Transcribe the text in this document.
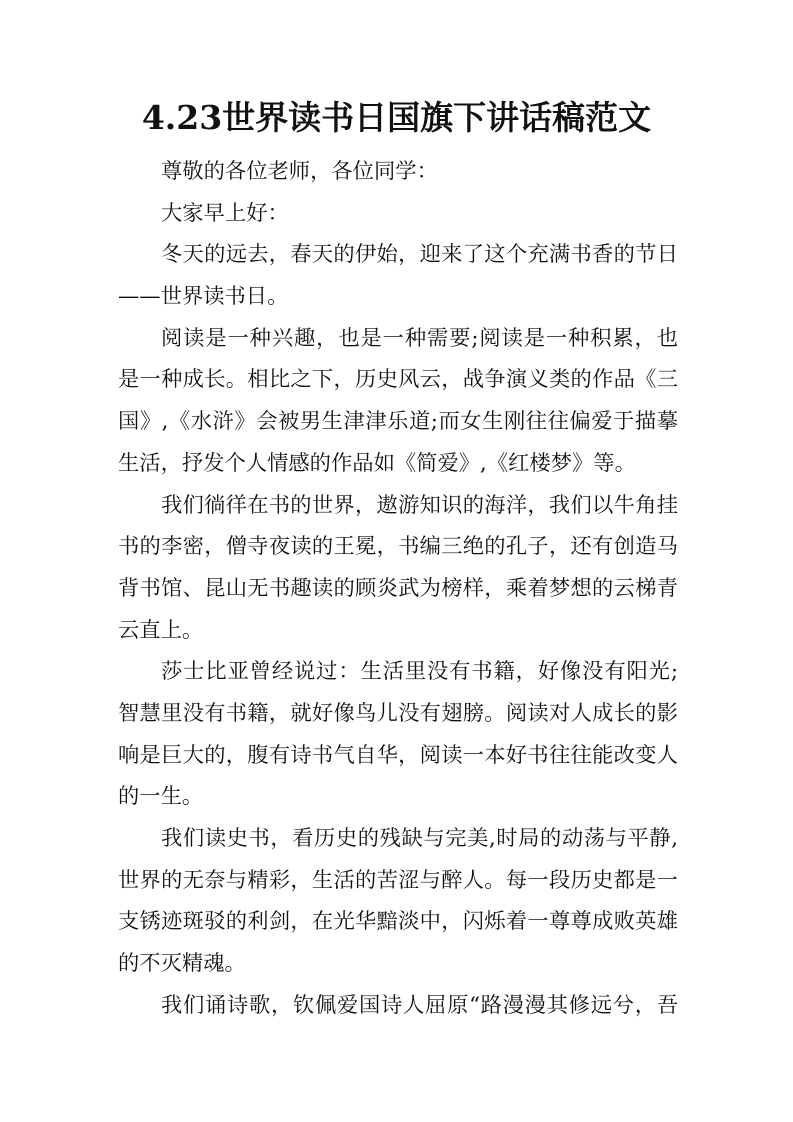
4.23世界读书日国旗下讲话稿范文
尊敬的各位老师，各位同学：
大家早上好：
冬天的远去，春天的伊始，迎来了这个充满书香的节日
——世界读书日。
阅读是一种兴趣，也是一种需要;阅读是一种积累，也
是一种成长。相比之下，历史风云，战争演义类的作品《三
国》,《水浒》会被男生津津乐道;而女生刚往往偏爱于描摹
生活，抒发个人情感的作品如《简爱》,《红楼梦》等。
我们徜徉在书的世界，遨游知识的海洋，我们以牛角挂
书的李密，僧寺夜读的王冕，书编三绝的孔子，还有创造马
背书馆、昆山无书趣读的顾炎武为榜样，乘着梦想的云梯青
云直上。
莎士比亚曾经说过：生活里没有书籍，好像没有阳光;
智慧里没有书籍，就好像鸟儿没有翅膀。阅读对人成长的影
响是巨大的，腹有诗书气自华，阅读一本好书往往能改变人
的一生。
我们读史书，看历史的残缺与完美,时局的动荡与平静,
世界的无奈与精彩，生活的苦涩与醉人。每一段历史都是一
支锈迹斑驳的利剑，在光华黯淡中，闪烁着一尊尊成败英雄
的不灭精魂。
我们诵诗歌，钦佩爱国诗人屈原“路漫漫其修远兮，吾
